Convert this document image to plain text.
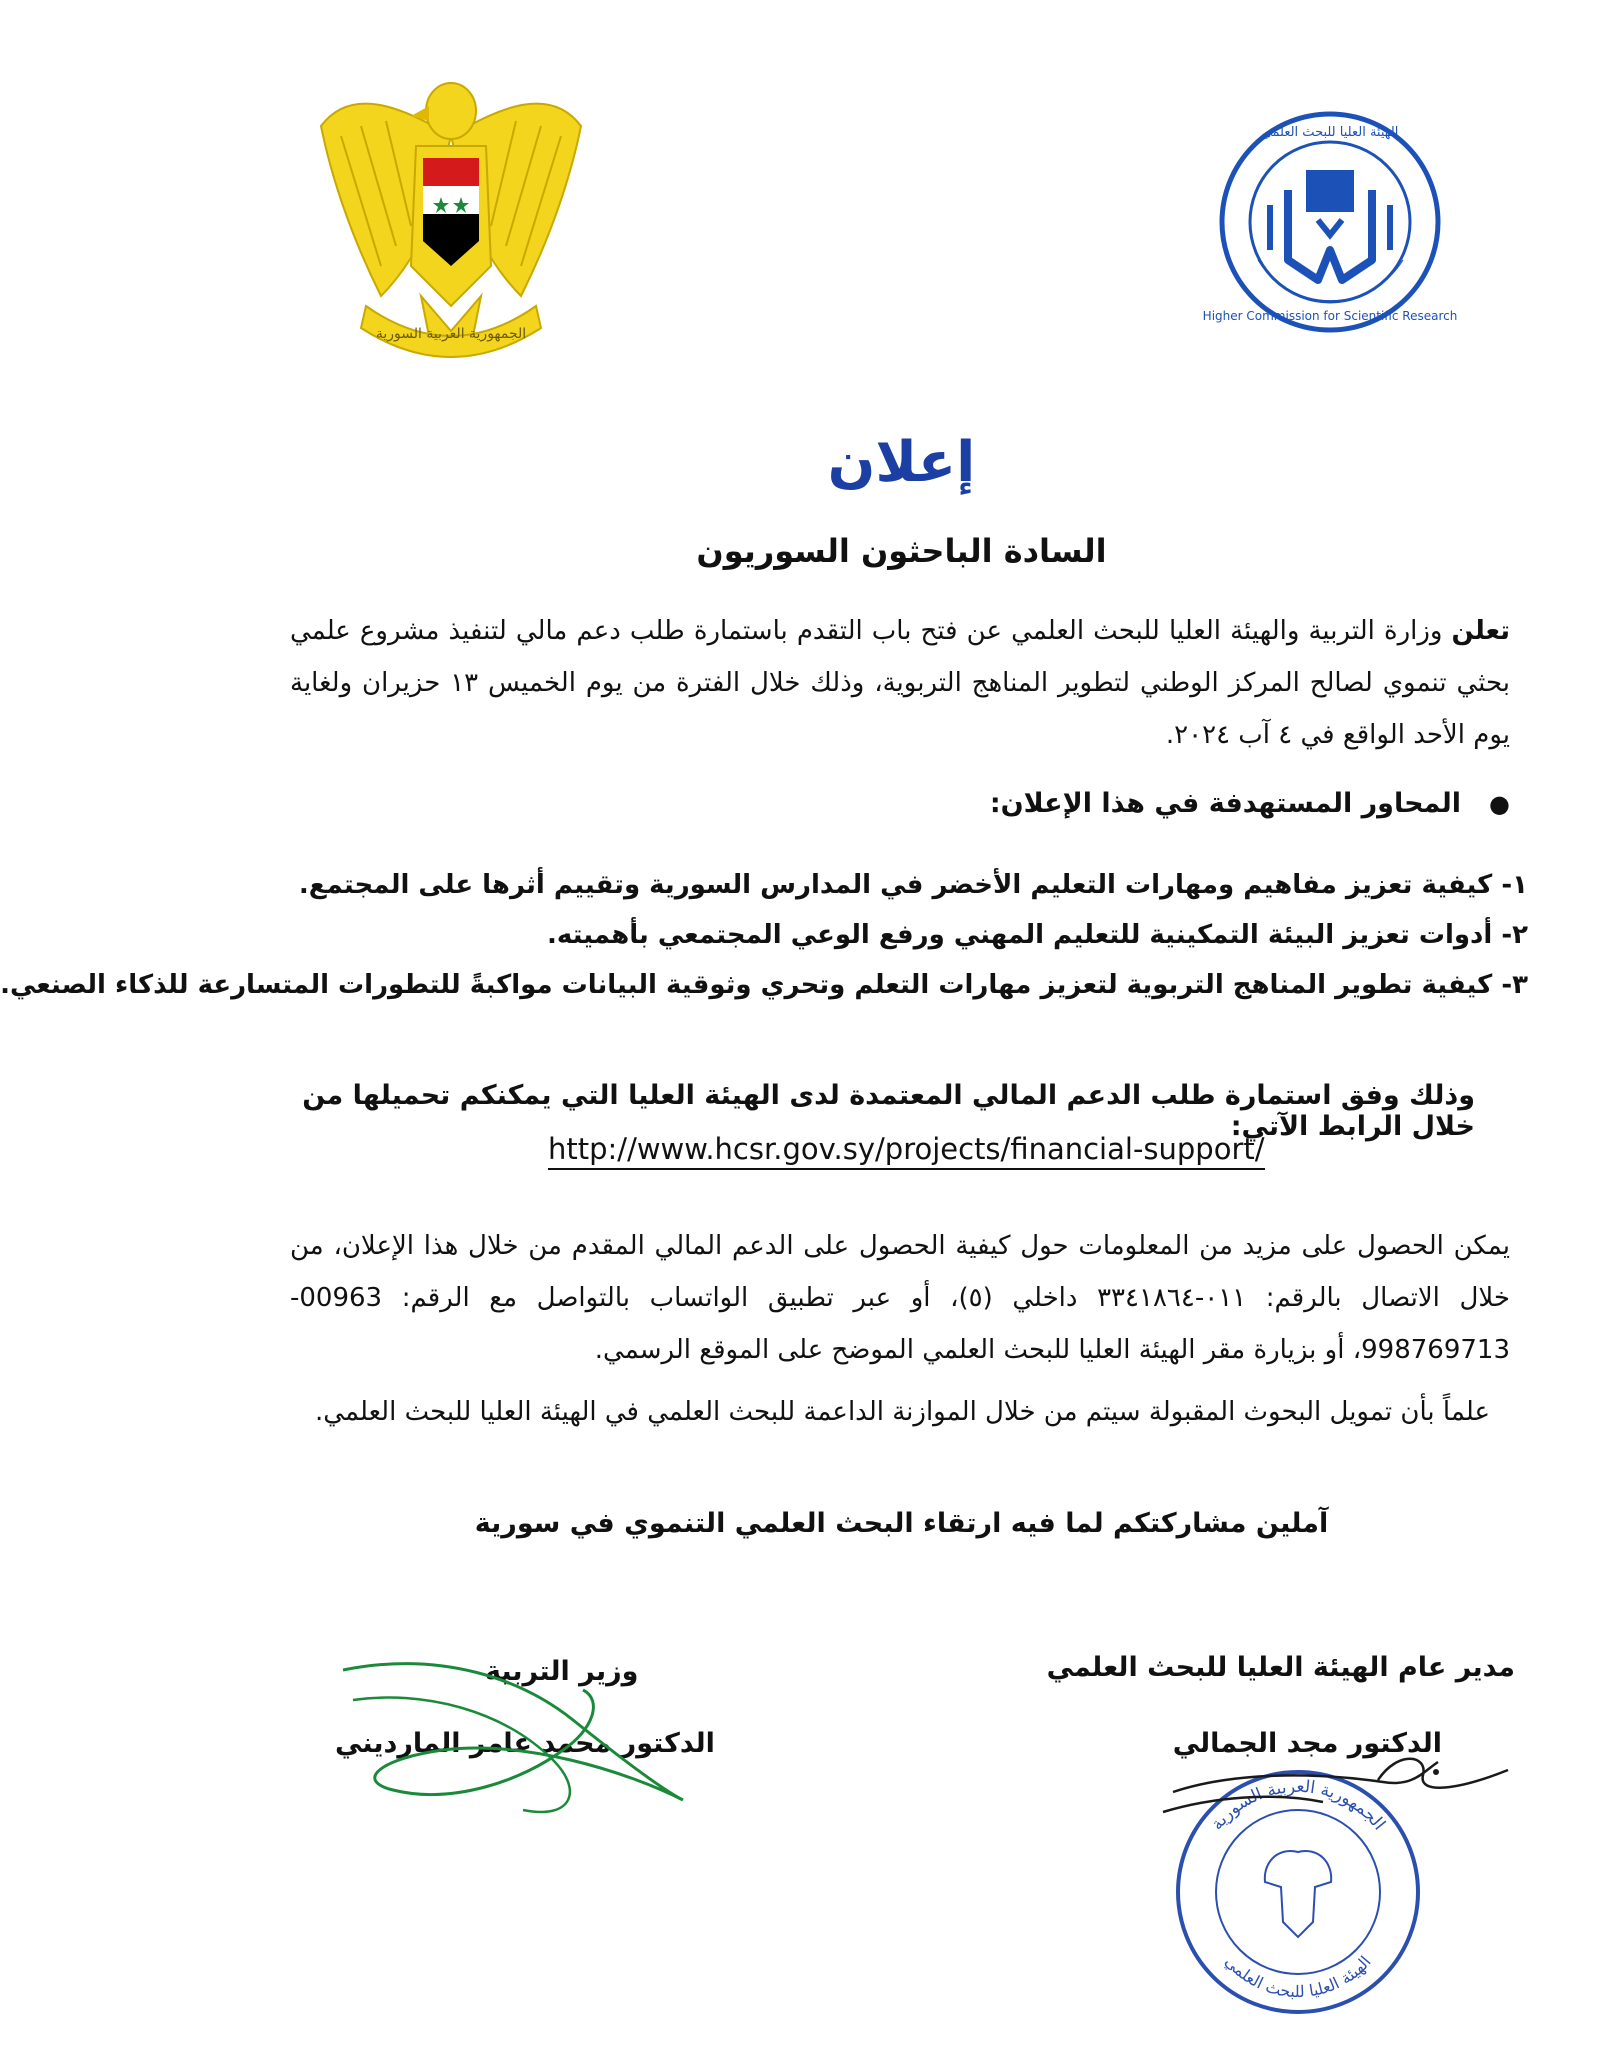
الجمهورية العربية السورية
Higher Commission for Scientific Research
الهيئة العليا للبحث العلمي
إعلان
السادة الباحثون السوريون
تعلن وزارة التربية والهيئة العليا للبحث العلمي عن فتح باب التقدم باستمارة طلب دعم مالي لتنفيذ مشروع علمي بحثي تنموي لصالح المركز الوطني لتطوير المناهج التربوية، وذلك خلال الفترة من يوم الخميس ١٣ حزيران ولغاية يوم الأحد الواقع في ٤ آب ٢٠٢٤.
●المحاور المستهدفة في هذا الإعلان:
١- كيفية تعزيز مفاهيم ومهارات التعليم الأخضر في المدارس السورية وتقييم أثرها على المجتمع.
٢- أدوات تعزيز البيئة التمكينية للتعليم المهني ورفع الوعي المجتمعي بأهميته.
٣- كيفية تطوير المناهج التربوية لتعزيز مهارات التعلم وتحري وثوقية البيانات مواكبةً للتطورات المتسارعة للذكاء الصنعي.
وذلك وفق استمارة طلب الدعم المالي المعتمدة لدى الهيئة العليا التي يمكنكم تحميلها من خلال الرابط الآتي:
http://www.hcsr.gov.sy/projects/financial-support/
يمكن الحصول على مزيد من المعلومات حول كيفية الحصول على الدعم المالي المقدم من خلال هذا الإعلان، من خلال الاتصال بالرقم: ٠١١-٣٣٤١٨٦٤ داخلي (٥)، أو عبر تطبيق الواتساب بالتواصل مع الرقم: 00963-998769713، أو بزيارة مقر الهيئة العليا للبحث العلمي الموضح على الموقع الرسمي.
علماً بأن تمويل البحوث المقبولة سيتم من خلال الموازنة الداعمة للبحث العلمي في الهيئة العليا للبحث العلمي.
آملين مشاركتكم لما فيه ارتقاء البحث العلمي التنموي في سورية
مدير عام الهيئة العليا للبحث العلمي
الدكتور مجد الجمالي
وزير التربية
الدكتور محمد عامر المارديني
الجمهورية العربية السورية
الهيئة العليا للبحث العلمي
